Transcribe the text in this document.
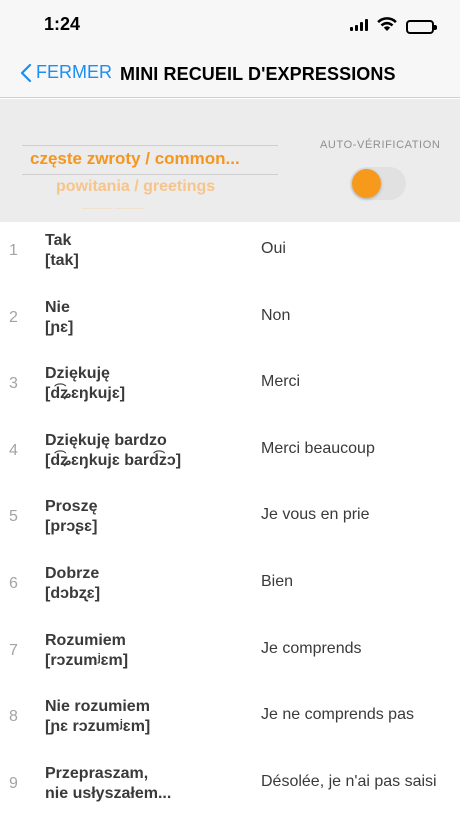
1:24
FERMER MINI RECUEIL D'EXPRESSIONS
częste zwroty / common...
powitania / greetings
——— ———
AUTO-VÉRIFICATION
1
Tak
[tak]
Oui
2
Nie
[ɲɛ]
Non
3
Dziękuję
[d͡ʑɛŋkujɛ]
Merci
4
Dziękuję bardzo
[d͡ʑɛŋkujɛ bard͡zɔ]
Merci beaucoup
5
Proszę
[prɔʂɛ]
Je vous en prie
6
Dobrze
[dɔbʐɛ]
Bien
7
Rozumiem
[rɔzumʲɛm]
Je comprends
8
Nie rozumiem
[ɲɛ rɔzumʲɛm]
Je ne comprends pas
9
Przepraszam,
nie usłyszałem...
Désolée, je n'ai pas saisi
